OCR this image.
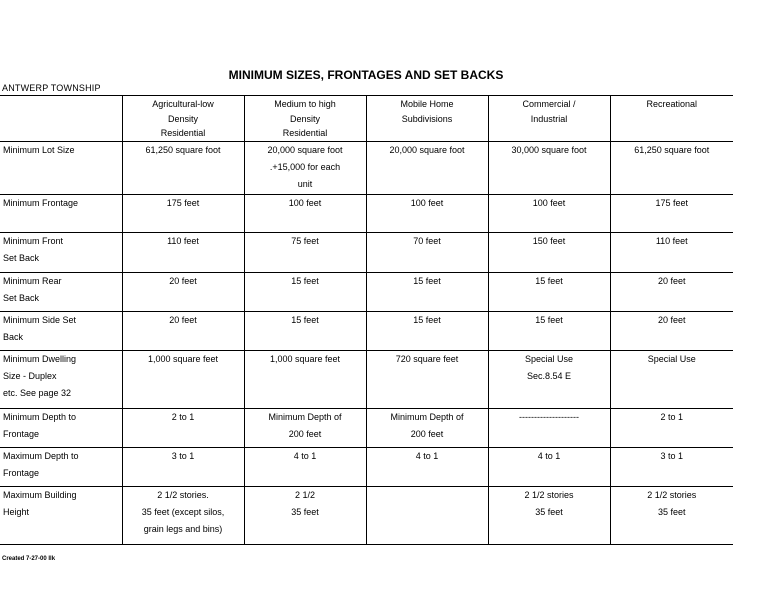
MINIMUM SIZES, FRONTAGES AND SET BACKS
ANTWERP TOWNSHIP

	Agricultural-low
Density
Residential	Medium to high
Density
Residential	Mobile Home
Subdivisions	Commercial /
Industrial	Recreational

Minimum Lot Size	61,250 square foot	20,000 square foot
.+15,000 for each
unit	20,000 square foot	30,000 square foot	61,250 square foot

Minimum Frontage	175 feet	100 feet	100 feet	100 feet	175 feet

Minimum Front
Set Back	110 feet	75 feet	70 feet	150 feet	110 feet

Minimum Rear
Set Back	20 feet	15 feet	15 feet	15 feet	20 feet

Minimum Side Set
Back	20 feet	15 feet	15 feet	15 feet	20 feet

Minimum Dwelling
Size - Duplex
etc. See page 32	1,000 square feet	1,000 square feet	720 square feet	Special Use
Sec.8.54 E	Special Use

Minimum Depth to
Frontage	2 to 1	Minimum Depth of
200 feet	Minimum Depth of
200 feet	--------------------	2 to 1

Maximum Depth to
Frontage	3 to 1	4 to 1	4 to 1	4 to 1	3 to 1

Maximum Building
Height	2 1/2 stories.
35 feet (except silos,
grain legs and bins)	2 1/2
35 feet		2 1/2 stories
35 feet	2 1/2 stories
35 feet
Created 7-27-00 Ilk
